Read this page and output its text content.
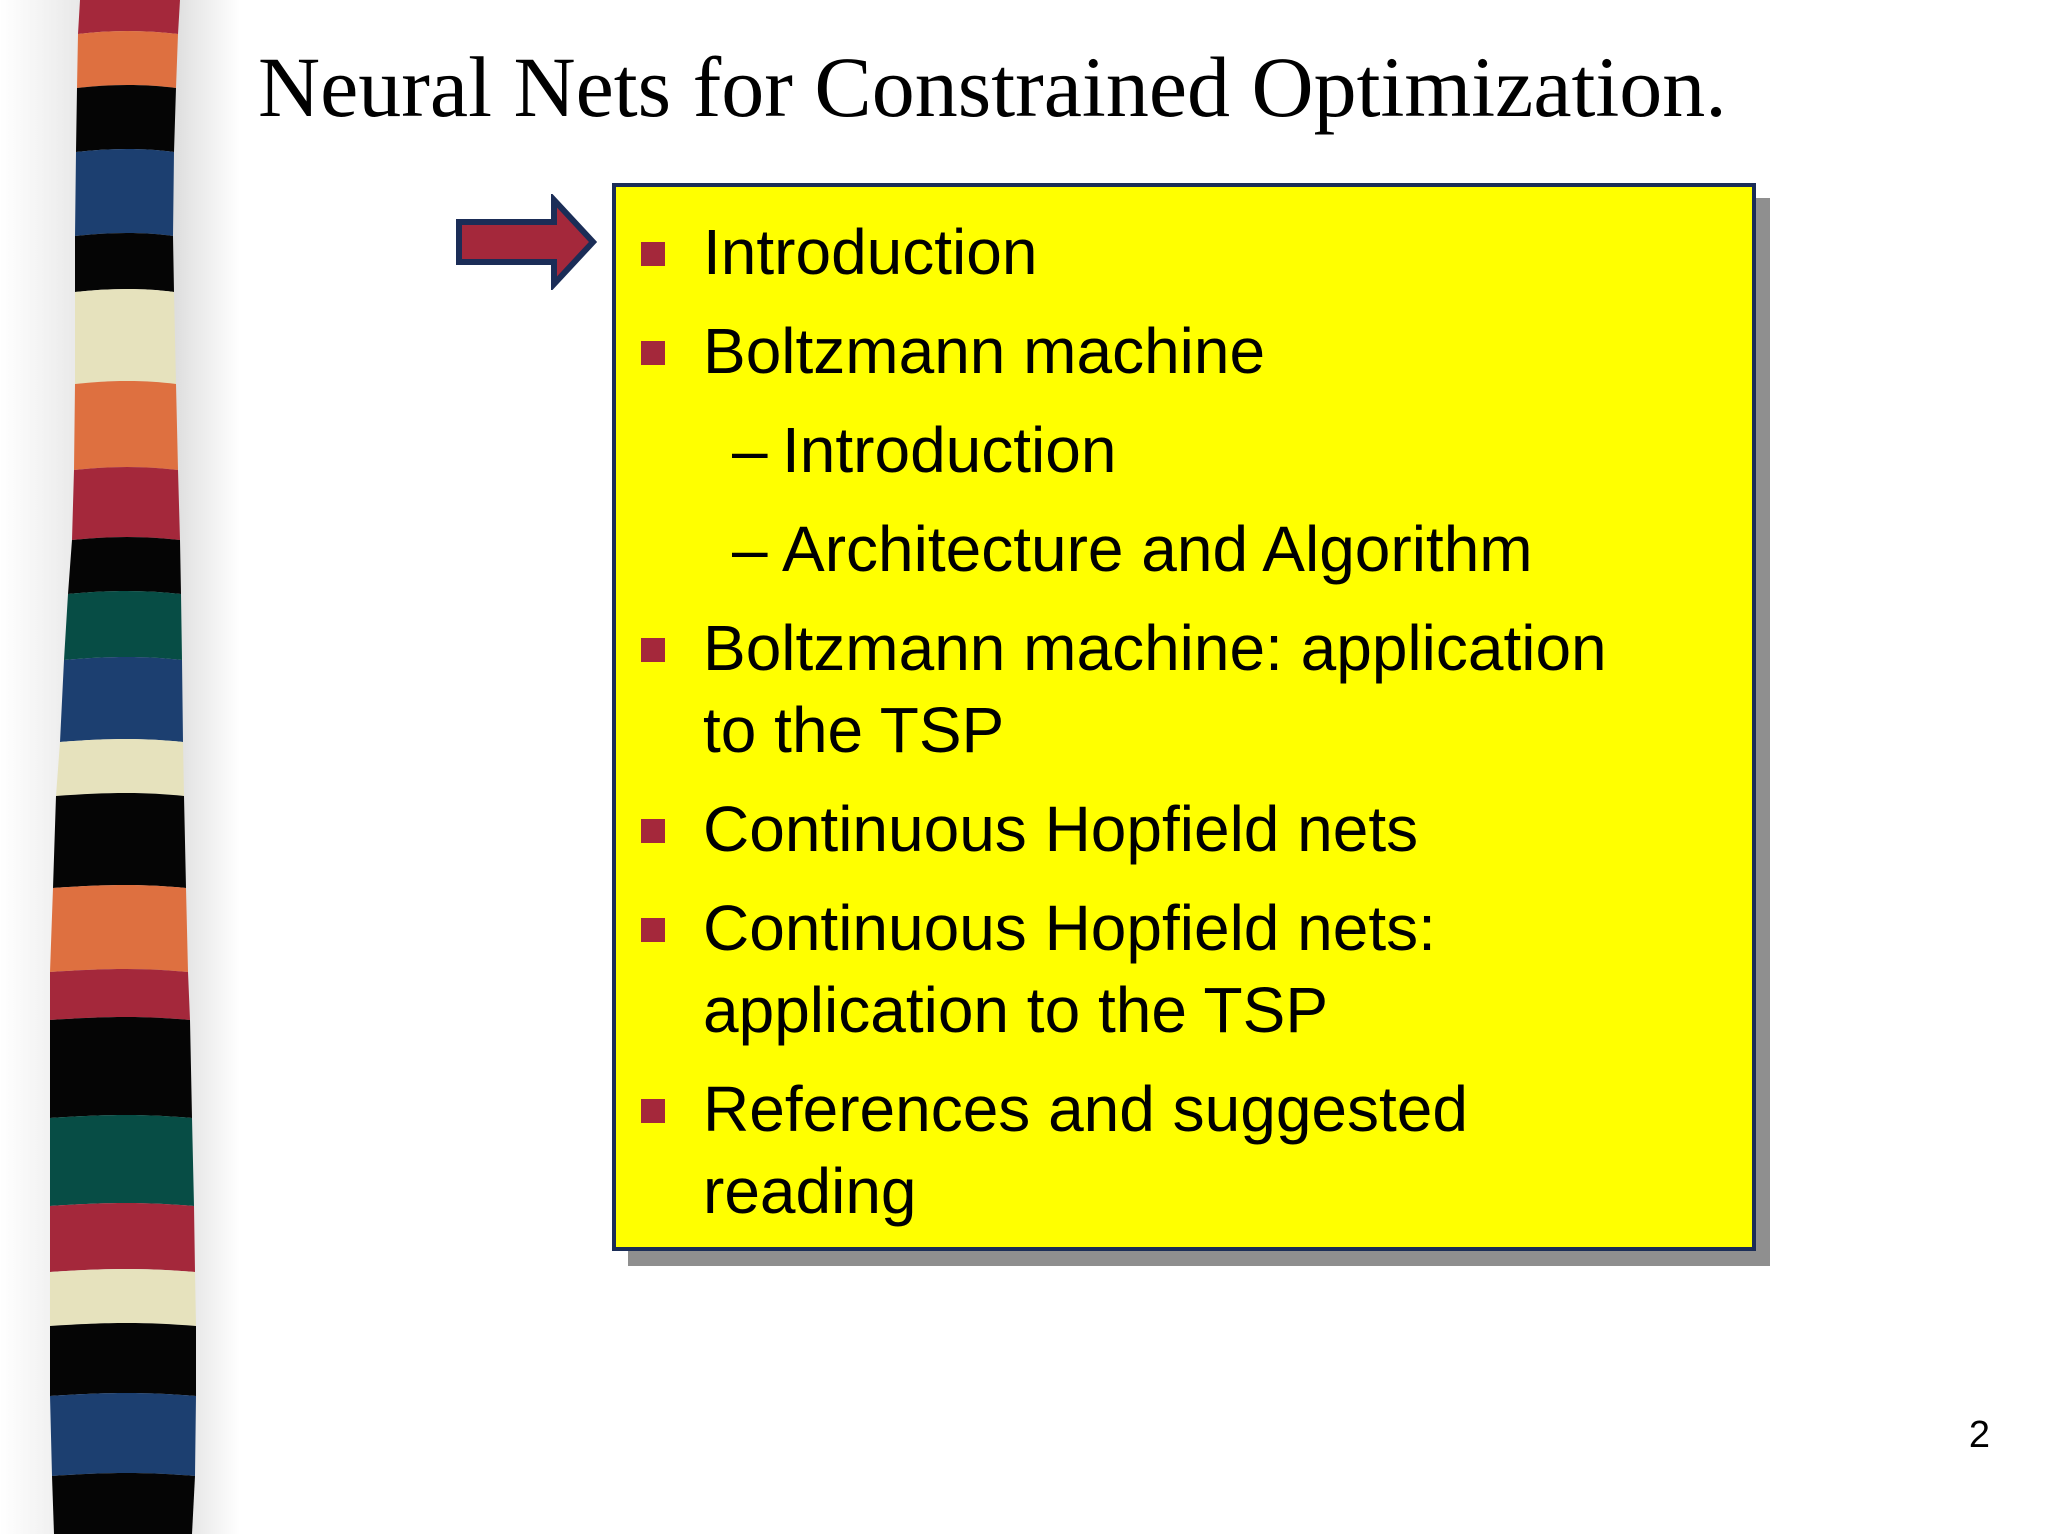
Neural Nets for Constrained Optimization.
Introduction
Boltzmann machine
– Introduction
– Architecture and Algorithm
Boltzmann machine: application
to the TSP
Continuous Hopfield nets
Continuous Hopfield nets:
application to the TSP
References and suggested
reading
2
